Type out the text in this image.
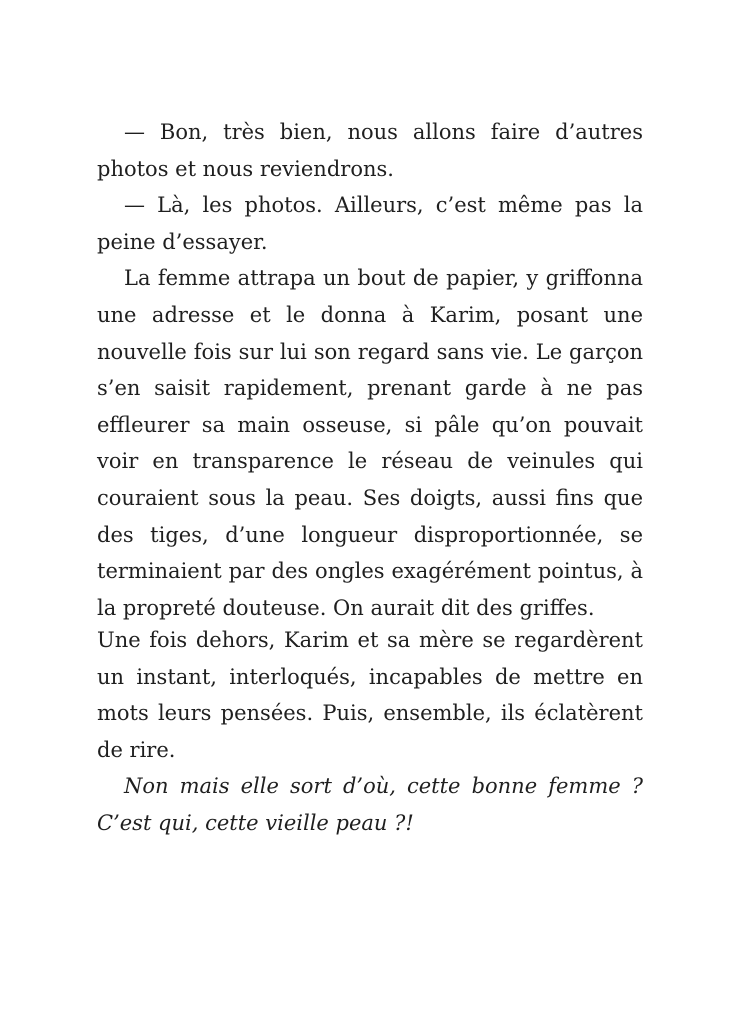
— Bon, très bien, nous allons faire d’autres photos et nous reviendrons.

— Là, les photos. Ailleurs, c’est même pas la peine d’essayer.

La femme attrapa un bout de papier, y griffonna une adresse et le donna à Karim, posant une nouvelle fois sur lui son regard sans vie. Le garçon s’en saisit rapidement, prenant garde à ne pas effleurer sa main osseuse, si pâle qu’on pouvait voir en transparence le réseau de veinules qui couraient sous la peau. Ses doigts, aussi fins que des tiges, d’une longueur disproportionnée, se terminaient par des ongles exagérément pointus, à la propreté douteuse. On aurait dit des griffes.

Une fois dehors, Karim et sa mère se regardèrent un instant, interloqués, incapables de mettre en mots leurs pensées. Puis, ensemble, ils éclatèrent de rire.

Non mais elle sort d’où, cette bonne femme ? C’est qui, cette vieille peau ?!
